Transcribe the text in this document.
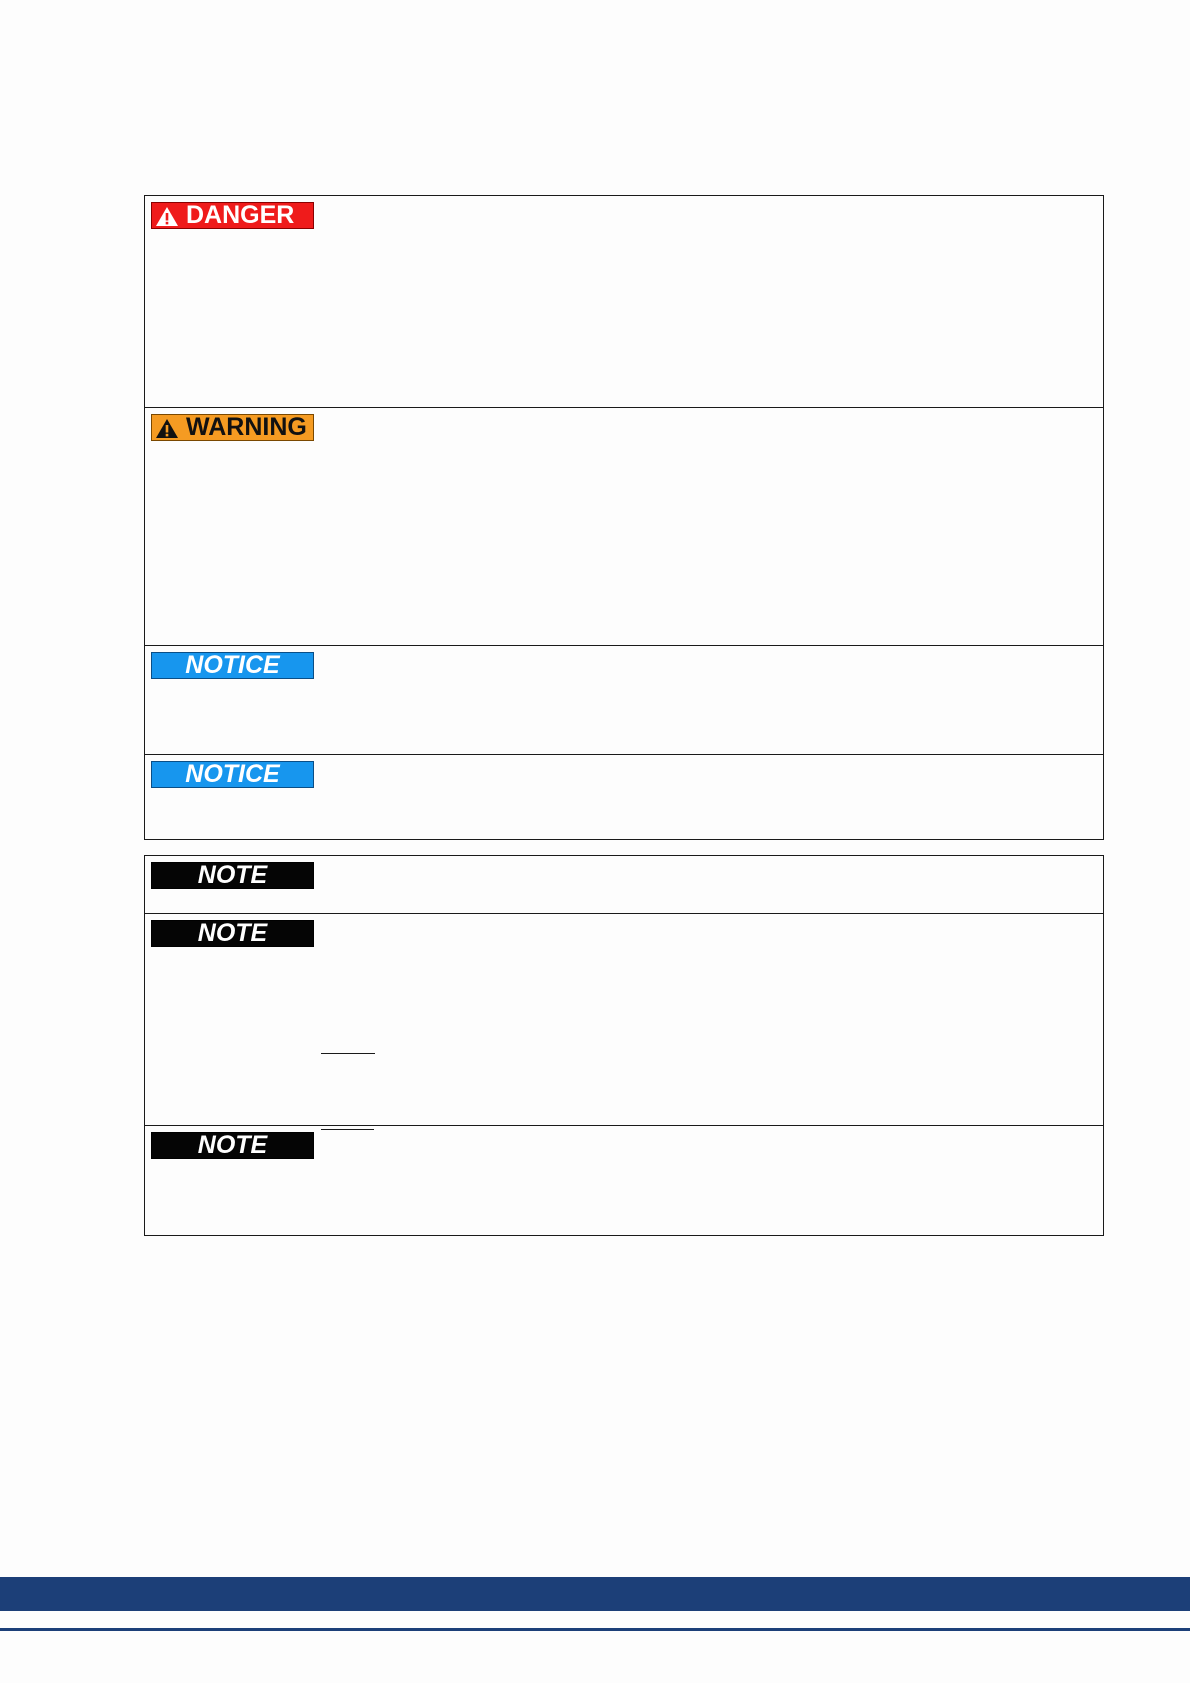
DANGER
WARNING
NOTICE
NOTICE
NOTE
NOTE
NOTE
